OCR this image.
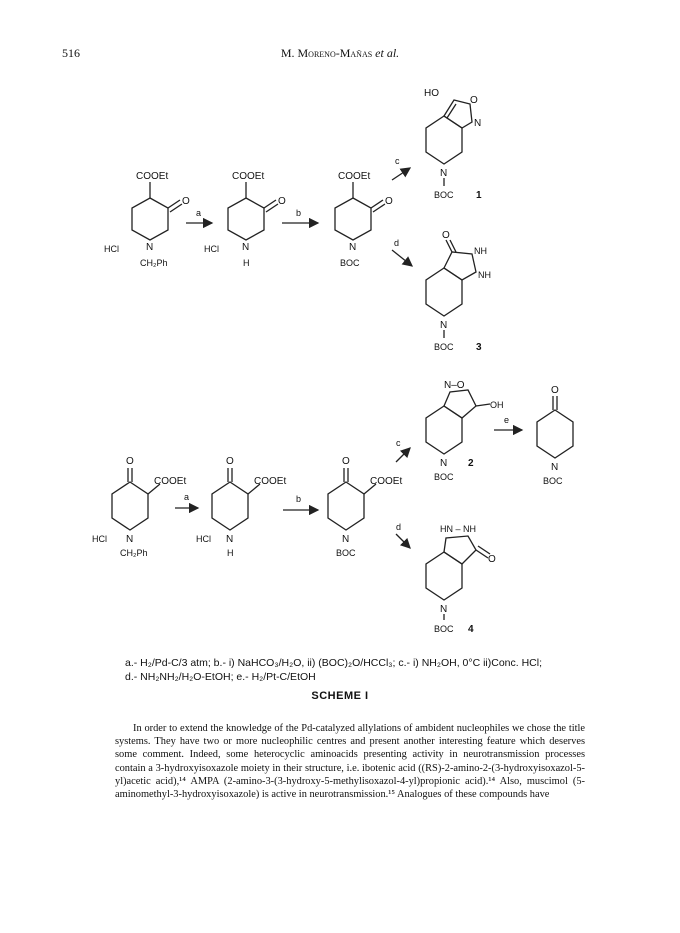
516	M. Moreno-Mañas et al.
COOEt
O
N
HCl
CH₂Ph
a
COOEt
O
N
HCl
H
b
COOEt
O
N
BOC
c
d
HO
O
N
N
BOC 1
O
NH
NH
N
BOC 3
O
COOEt
N
HCl
CH₂Ph
a
O
COOEt
N
HCl
H
b
O
COOEt
N
BOC
c
d
N–O
OH
N
BOC
2
e
O
N
BOC
HN – NH
O
N
BOC 4
a.- H₂/Pd-C/3 atm; b.- i) NaHCO₃/H₂O, ii) (BOC)₂O/HCCl₃; c.- i) NH₂OH, 0°C ii)Conc. HCl;
d.- NH₂NH₂/H₂O-EtOH; e.- H₂/Pt-C/EtOH
SCHEME I

In order to extend the knowledge of the Pd-catalyzed allylations of ambident nucleophiles we chose the title systems. They have two or more nucleophilic centres and present another interesting feature which deserves some comment. Indeed, some heterocyclic aminoacids presenting activity in neurotransmission processes contain a 3-hydroxyisoxazole moiety in their structure, i.e. ibotenic acid ((RS)-2-amino-2-(3-hydroxyisoxazol-5-yl)acetic acid),¹⁴ AMPA (2-amino-3-(3-hydroxy-5-methylisoxazol-4-yl)propionic acid).¹⁴ Also, muscimol (5-aminomethyl-3-hydroxyisoxazole) is active in neurotransmission.¹⁵ Analogues of these compounds have
